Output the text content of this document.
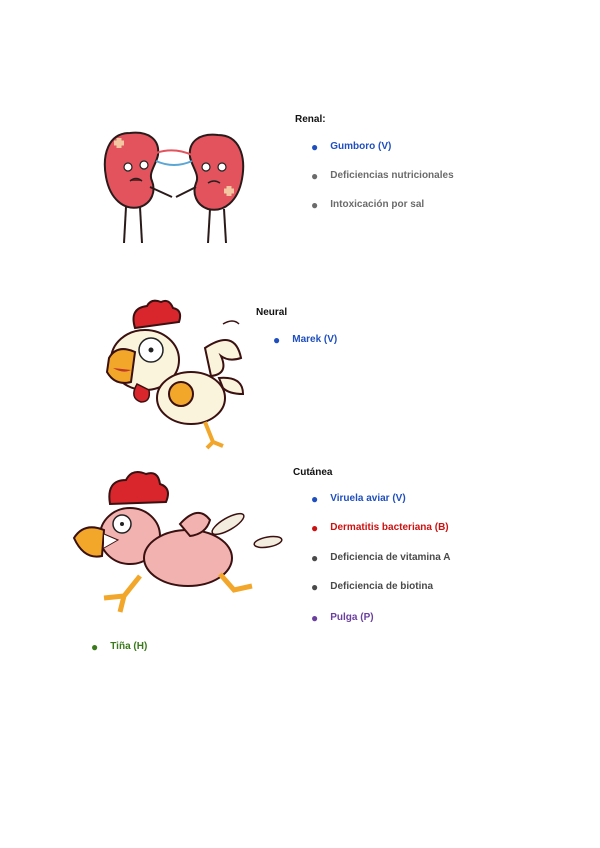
Renal:
● Gumboro (V)
● Deficiencias nutricionales
● Intoxicación por sal
Neural
● Marek (V)
Cutánea
● Viruela aviar (V)
● Dermatitis bacteriana (B)
● Deficiencia de vitamina A
● Deficiencia de biotina
● Pulga (P)
● Tiña (H)
